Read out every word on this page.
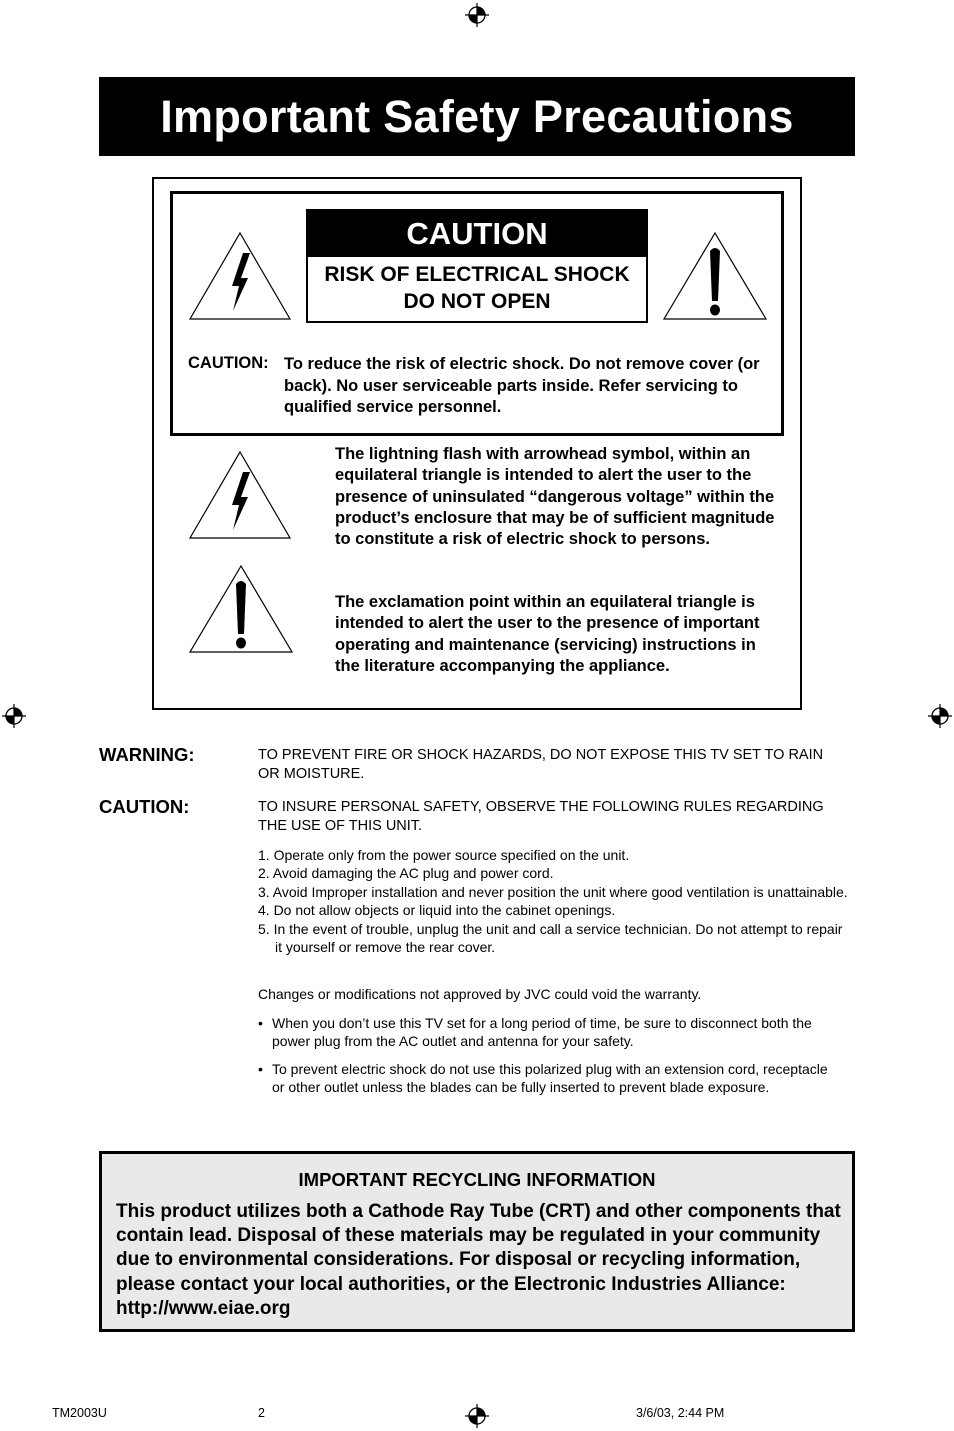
Important Safety Precautions
CAUTION
RISK OF ELECTRICAL SHOCK
DO NOT OPEN
CAUTION: To reduce the risk of electric shock. Do not remove cover (or back). No user serviceable parts inside. Refer servicing to qualified service personnel.
The lightning flash with arrowhead symbol, within an equilateral triangle is intended to alert the user to the presence of uninsulated “dangerous voltage” within the product’s enclosure that may be of sufficient magnitude to constitute a risk of electric shock to persons.
The exclamation point within an equilateral triangle is intended to alert the user to the presence of important operating and maintenance (servicing) instructions in the literature accompanying the appliance.
WARNING:	TO PREVENT FIRE OR SHOCK HAZARDS, DO NOT EXPOSE THIS TV SET TO RAIN OR MOISTURE.
CAUTION:	TO INSURE PERSONAL SAFETY, OBSERVE THE FOLLOWING RULES REGARDING THE USE OF THIS UNIT.
1. Operate only from the power source specified on the unit.
2. Avoid damaging the AC plug and power cord.
3. Avoid Improper installation and never position the unit where good ventilation is unattainable.
4. Do not allow objects or liquid into the cabinet openings.
5. In the event of trouble, unplug the unit and call a service technician. Do not attempt to repair it yourself or remove the rear cover.
Changes or modifications not approved by JVC could void the warranty.
• When you don’t use this TV set for a long period of time, be sure to disconnect both the power plug from the AC outlet and antenna for your safety.
• To prevent electric shock do not use this polarized plug with an extension cord, receptacle or other outlet unless the blades can be fully inserted to prevent blade exposure.
IMPORTANT RECYCLING INFORMATION
This product utilizes both a Cathode Ray Tube (CRT) and other components that contain lead. Disposal of these materials may be regulated in your community due to environmental considerations. For disposal or recycling information, please contact your local authorities, or the Electronic Industries Alliance: http://www.eiae.org
TM2003U	2	3/6/03, 2:44 PM
